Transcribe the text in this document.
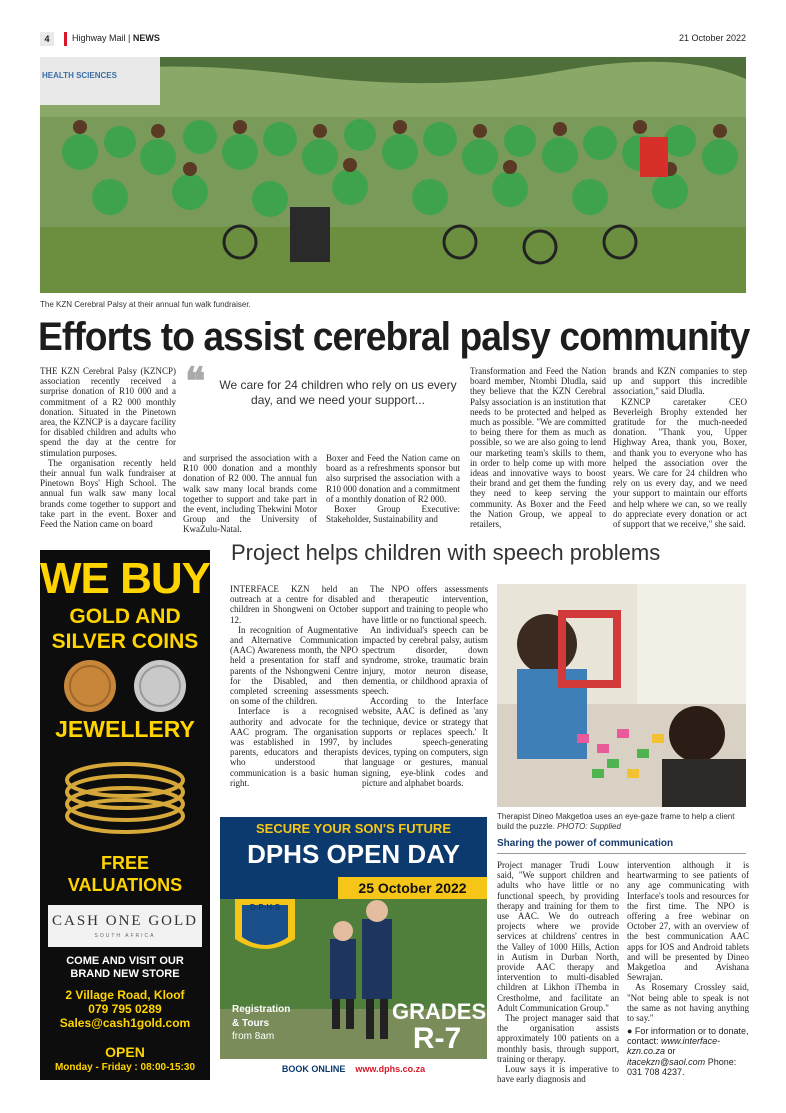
4	Highway Mail | NEWS	21 October 2022
HEALTH SCIENCES
The KZN Cerebral Palsy at their annual fun walk fundraiser.
Efforts to assist cerebral palsy community

THE KZN Cerebral Palsy (KZNCP) association recently received a surprise donation of R10 000 and a commitment of a R2 000 monthly donation. Situated in the Pinetown area, the KZNCP is a daycare facility for disabled children and adults who spend the day at the centre for stimulation purposes.

The organisation recently held their annual fun walk fundraiser at Pinetown Boys' High School. The annual fun walk saw many local brands come together to support and take part in the event. Boxer and Feed the Nation came on board

❝	We care for 24 children who rely on us every day, and we need your support...

and surprised the association with a R10 000 donation and a monthly donation of R2 000. The annual fun walk saw many local brands come together to support and take part in the event, including Thekwini Motor Group and the University of KwaZulu-Natal.

Boxer and Feed the Nation came on board as a refreshments sponsor but also surprised the association with a R10 000 donation and a commitment of a monthly donation of R2 000.

Boxer Group Executive: Stakeholder, Sustainability and

Transformation and Feed the Nation board member, Ntombi Dludla, said they believe that the KZN Cerebral Palsy association is an institution that needs to be protected and helped as much as possible. "We are committed to being there for them as much as possible, so we are also going to lend our marketing team's skills to them, in order to help come up with more ideas and innovative ways to boost their brand and get them the funding they need to keep serving the community. As Boxer and the Feed the Nation Group, we appeal to retailers,

brands and KZN companies to step up and support this incredible association," said Dludla.

KZNCP caretaker CEO Beverleigh Brophy extended her gratitude for the much-needed donation. "Thank you, Upper Highway Area, thank you, Boxer, and thank you to everyone who has helped the association over the years. We care for 24 children who rely on us every day, and we need your support to maintain our efforts and help where we can, so we really do appreciate every donation or act of support that we receive," she said.

WE BUY
GOLD AND
SILVER COINS
JEWELLERY
FREE
VALUATIONS
CASH ONE GOLD
SOUTH AFRICA
COME AND VISIT OUR
BRAND NEW STORE
2 Village Road, Kloof
079 795 0289
Sales@cash1gold.com
OPEN
Monday - Friday : 08:00-15:30
Project helps children with speech problems

INTERFACE KZN held an outreach at a centre for disabled children in Shongweni on October 12.

In recognition of Augmentative and Alternative Communication (AAC) Awareness month, the NPO held a presentation for staff and parents of the Nshongweni Centre for the Disabled, and then completed screening assessments on some of the children.

Interface is a recognised authority and advocate for the AAC program. The organisation was established in 1997, by parents, educators and therapists who understood that communication is a basic human right.

The NPO offers assessments and therapeutic intervention, support and training to people who have little or no functional speech.

An individual's speech can be impacted by cerebral palsy, autism spectrum disorder, down syndrome, stroke, traumatic brain injury, motor neuron disease, dementia, or childhood apraxia of speech.

According to the Interface website, AAC is defined as 'any technique, device or strategy that supports or replaces speech.' It includes speech-generating devices, typing on computers, sign language or gestures, manual signing, eye-blink codes and picture and alphabet boards.

Therapist Dineo Makgetloa uses an eye-gaze frame to help a client build the puzzle. PHOTO: Supplied
Sharing the power of communication

Project manager Trudi Louw said, "We support children and adults who have little or no functional speech, by providing therapy and training for them to use AAC. We do outreach projects where we provide services at childrens' centres in the Valley of 1000 Hills, Action in Autism in Durban North, provide AAC therapy and intervention to multi-disabled children at Likhon iThemba in Crestholme, and facilitate an Adult Communication Group."

The project manager said that the organisation assists approximately 100 patients on a monthly basis, through support, training or therapy.

Louw says it is imperative to have early diagnosis and

intervention although it is heartwarming to see patients of any age communicating with Interface's tools and resources for the first time. The NPO is offering a free webinar on October 27, with an overview of the best communication AAC apps for IOS and Android tablets and will be presented by Dineo Makgetloa and Avishana Sewrajan.

As Rosemary Crossley said, "Not being able to speak is not the same as not having anything to say."

● For information or to donate, contact: www.interface-kzn.co.za or itacekzn@saol.com Phone: 031 708 4237.
SECURE YOUR SON'S FUTURE
DPHS OPEN DAY
25 October 2022
D·P·H·S
Registration
& Tours
from 8am
GRADES
R-7
BOOK ONLINE www.dphs.co.za
